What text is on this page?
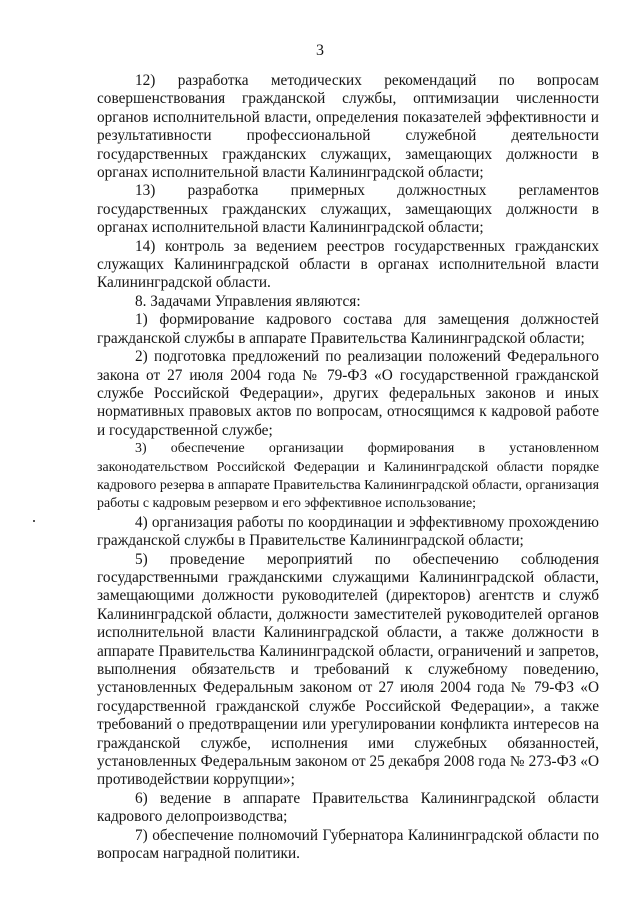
3

12) разработка методических рекомендаций по вопросам совершенствования гражданской службы, оптимизации численности органов исполнительной власти, определения показателей эффективности и результативности профессиональной служебной деятельности государственных гражданских служащих, замещающих должности в органах исполнительной власти Калининградской области;

13) разработка примерных должностных регламентов государственных гражданских служащих, замещающих должности в органах исполнительной власти Калининградской области;

14) контроль за ведением реестров государственных гражданских служащих Калининградской области в органах исполнительной власти Калининградской области.

8. Задачами Управления являются:

1) формирование кадрового состава для замещения должностей гражданской службы в аппарате Правительства Калининградской области;

2) подготовка предложений по реализации положений Федерального закона от 27 июля 2004 года № 79-ФЗ «О государственной гражданской службе Российской Федерации», других федеральных законов и иных нормативных правовых актов по вопросам, относящимся к кадровой работе и государственной службе;

3) обеспечение организации формирования в установленном законодательством Российской Федерации и Калининградской области порядке кадрового резерва в аппарате Правительства Калининградской области, организация работы с кадровым резервом и его эффективное использование;

4) организация работы по координации и эффективному прохождению гражданской службы в Правительстве Калининградской области;

5) проведение мероприятий по обеспечению соблюдения государственными гражданскими служащими Калининградской области, замещающими должности руководителей (директоров) агентств и служб Калининградской области, должности заместителей руководителей органов исполнительной власти Калининградской области, а также должности в аппарате Правительства Калининградской области, ограничений и запретов, выполнения обязательств и требований к служебному поведению, установленных Федеральным законом от 27 июля 2004 года № 79-ФЗ «О государственной гражданской службе Российской Федерации», а также требований о предотвращении или урегулировании конфликта интересов на гражданской службе, исполнения ими служебных обязанностей, установленных Федеральным законом от 25 декабря 2008 года № 273-ФЗ «О противодействии коррупции»;

6) ведение в аппарате Правительства Калининградской области кадрового делопроизводства;

7) обеспечение полномочий Губернатора Калининградской области по вопросам наградной политики.
